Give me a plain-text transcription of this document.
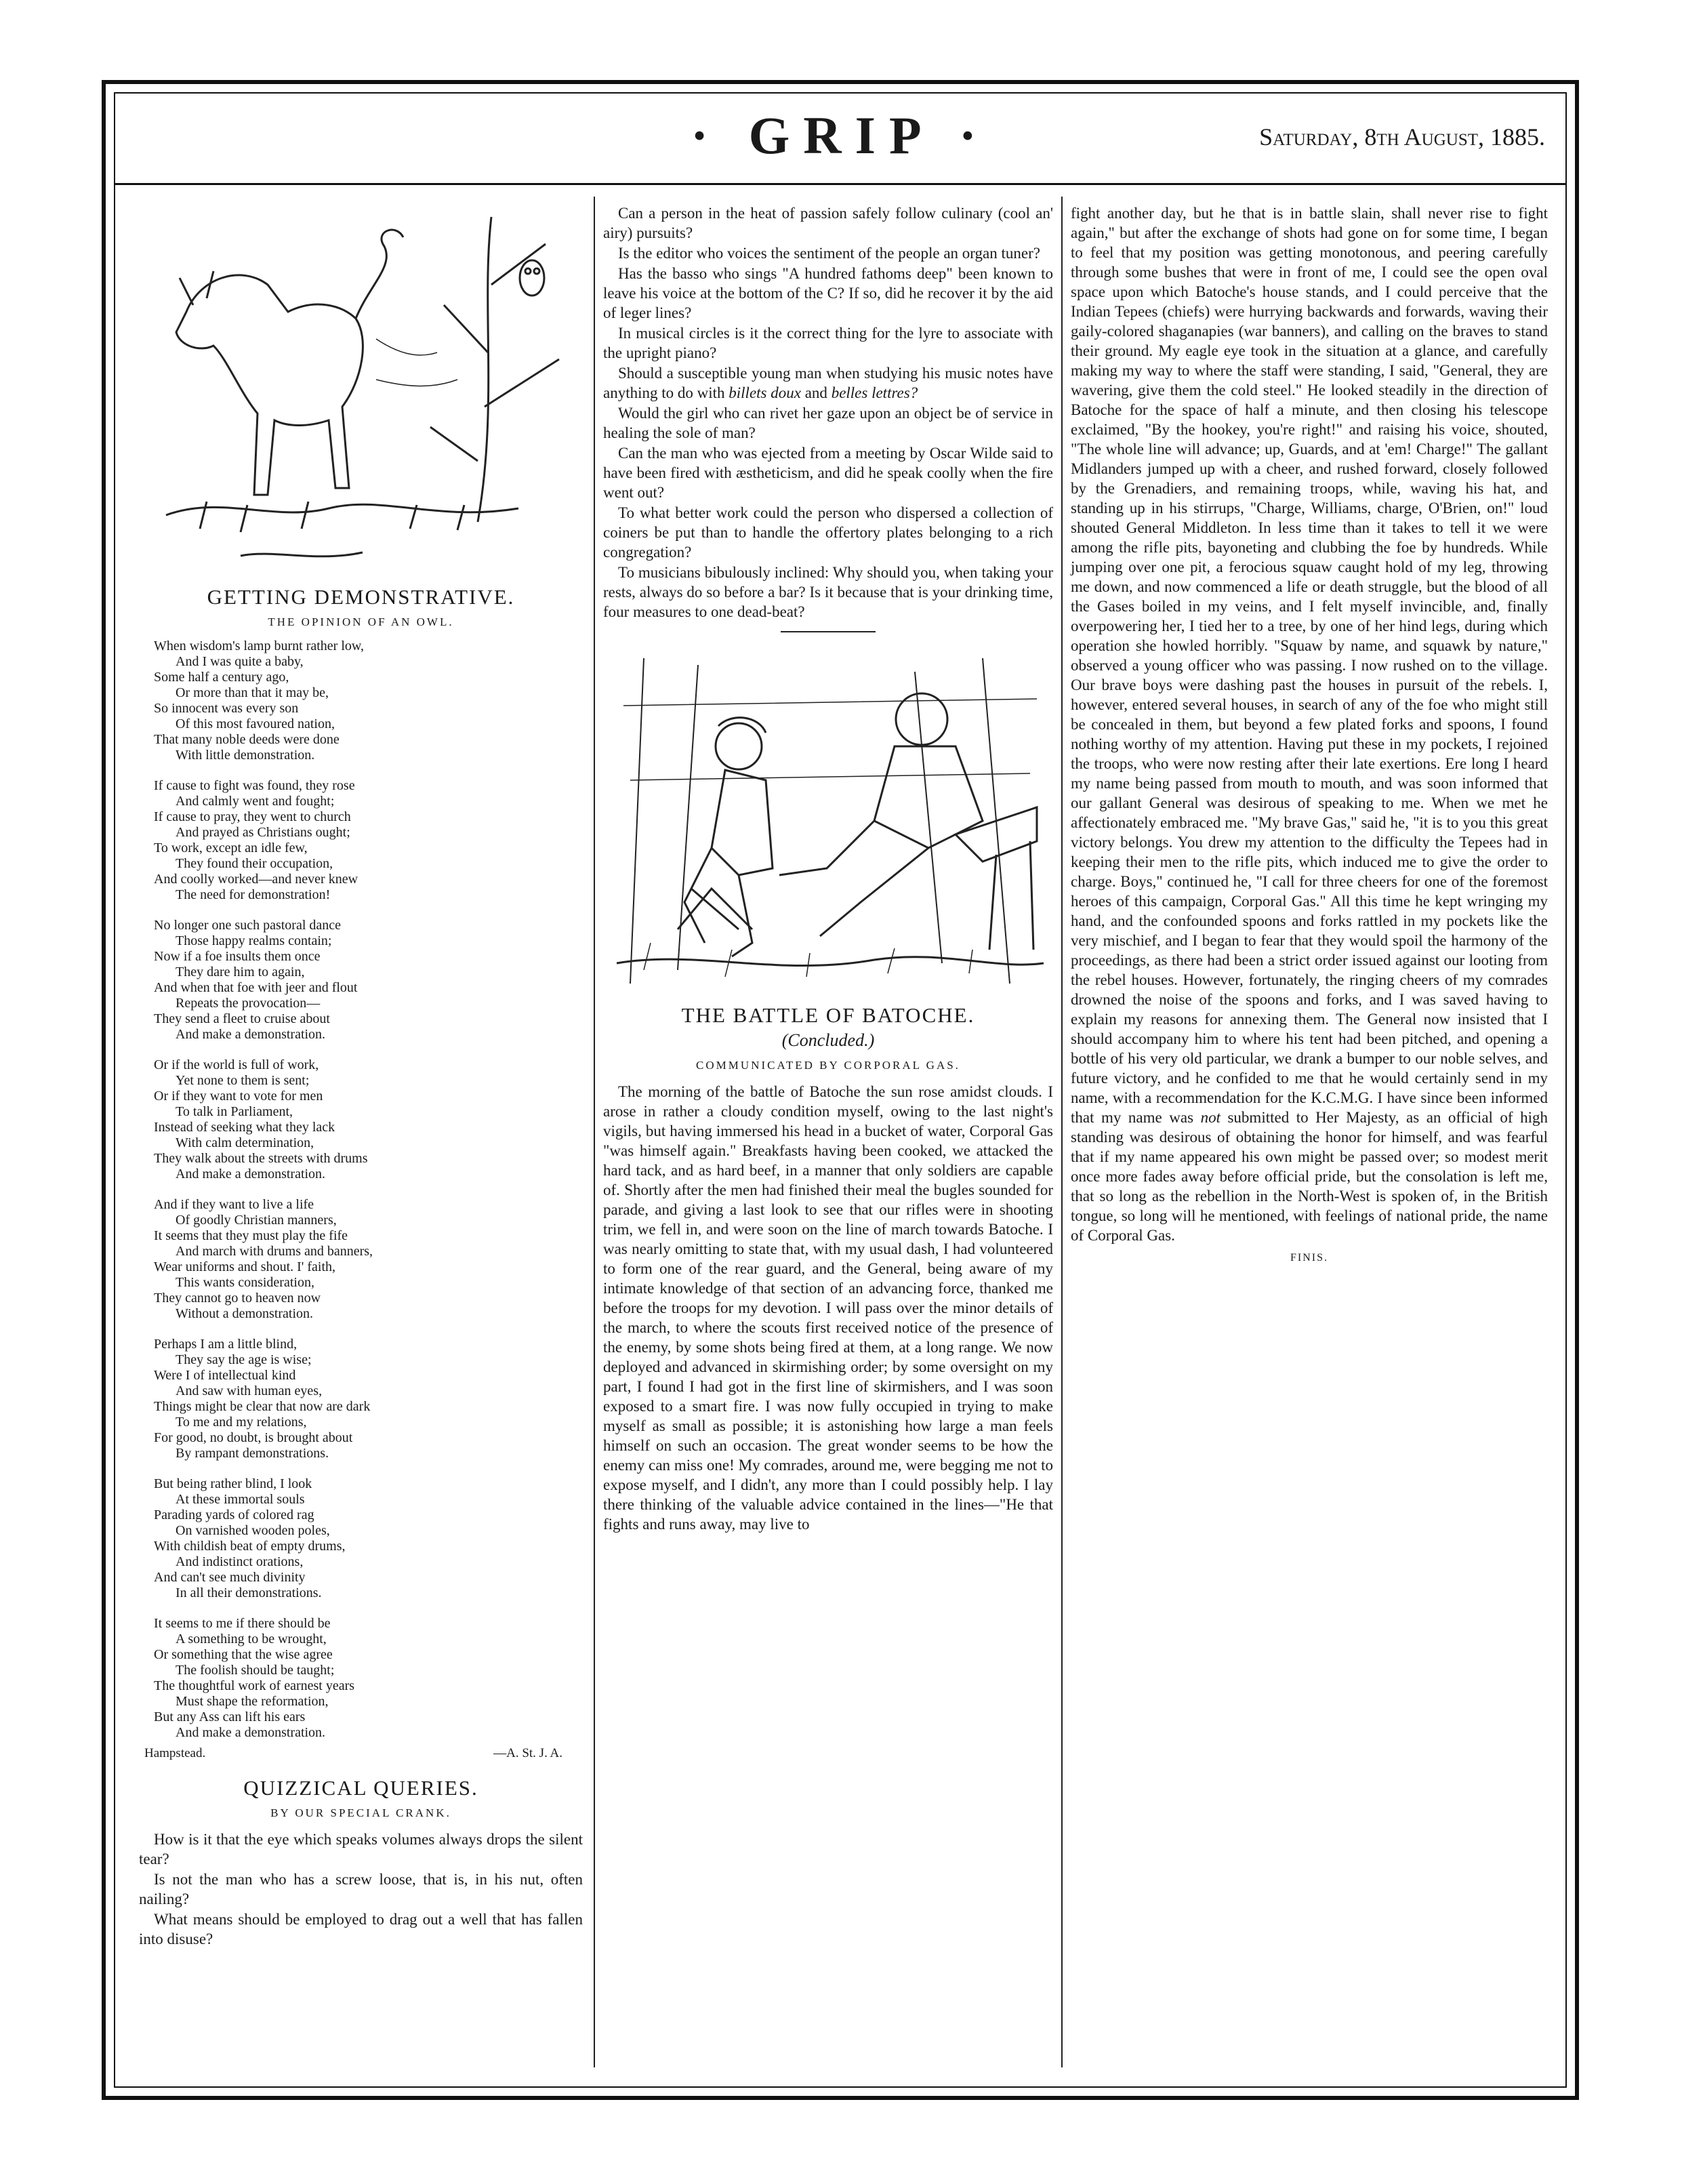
· GRIP ·	Saturday, 8th August, 1885.
GETTING DEMONSTRATIVE.
THE OPINION OF AN OWL.
When wisdom's lamp burnt rather low,
And I was quite a baby,
Some half a century ago,
Or more than that it may be,
So innocent was every son
Of this most favoured nation,
That many noble deeds were done
With little demonstration.
If cause to fight was found, they rose
And calmly went and fought;
If cause to pray, they went to church
And prayed as Christians ought;
To work, except an idle few,
They found their occupation,
And coolly worked—and never knew
The need for demonstration!
No longer one such pastoral dance
Those happy realms contain;
Now if a foe insults them once
They dare him to again,
And when that foe with jeer and flout
Repeats the provocation—
They send a fleet to cruise about
And make a demonstration.
Or if the world is full of work,
Yet none to them is sent;
Or if they want to vote for men
To talk in Parliament,
Instead of seeking what they lack
With calm determination,
They walk about the streets with drums
And make a demonstration.
And if they want to live a life
Of goodly Christian manners,
It seems that they must play the fife
And march with drums and banners,
Wear uniforms and shout. I' faith,
This wants consideration,
They cannot go to heaven now
Without a demonstration.
Perhaps I am a little blind,
They say the age is wise;
Were I of intellectual kind
And saw with human eyes,
Things might be clear that now are dark
To me and my relations,
For good, no doubt, is brought about
By rampant demonstrations.
But being rather blind, I look
At these immortal souls
Parading yards of colored rag
On varnished wooden poles,
With childish beat of empty drums,
And indistinct orations,
And can't see much divinity
In all their demonstrations.
It seems to me if there should be
A something to be wrought,
Or something that the wise agree
The foolish should be taught;
The thoughtful work of earnest years
Must shape the reformation,
But any Ass can lift his ears
And make a demonstration.
Hampstead.	—A. St. J. A.
QUIZZICAL QUERIES.
BY OUR SPECIAL CRANK.

How is it that the eye which speaks volumes always drops the silent tear?

Is not the man who has a screw loose, that is, in his nut, often nailing?

What means should be employed to drag out a well that has fallen into disuse?

Can a person in the heat of passion safely follow culinary (cool an' airy) pursuits?

Is the editor who voices the sentiment of the people an organ tuner?

Has the basso who sings "A hundred fathoms deep" been known to leave his voice at the bottom of the C? If so, did he recover it by the aid of leger lines?

In musical circles is it the correct thing for the lyre to associate with the upright piano?

Should a susceptible young man when studying his music notes have anything to do with billets doux and belles lettres?

Would the girl who can rivet her gaze upon an object be of service in healing the sole of man?

Can the man who was ejected from a meeting by Oscar Wilde said to have been fired with æstheticism, and did he speak coolly when the fire went out?

To what better work could the person who dispersed a collection of coiners be put than to handle the offertory plates belonging to a rich congregation?

To musicians bibulously inclined: Why should you, when taking your rests, always do so before a bar? Is it because that is your drinking time, four measures to one dead-beat?

THE BATTLE OF BATOCHE.
(Concluded.)
COMMUNICATED BY CORPORAL GAS.

The morning of the battle of Batoche the sun rose amidst clouds. I arose in rather a cloudy condition myself, owing to the last night's vigils, but having immersed his head in a bucket of water, Corporal Gas "was himself again." Breakfasts having been cooked, we attacked the hard tack, and as hard beef, in a manner that only soldiers are capable of. Shortly after the men had finished their meal the bugles sounded for parade, and giving a last look to see that our rifles were in shooting trim, we fell in, and were soon on the line of march towards Batoche. I was nearly omitting to state that, with my usual dash, I had volunteered to form one of the rear guard, and the General, being aware of my intimate knowledge of that section of an advancing force, thanked me before the troops for my devotion. I will pass over the minor details of the march, to where the scouts first received notice of the presence of the enemy, by some shots being fired at them, at a long range. We now deployed and advanced in skirmishing order; by some oversight on my part, I found I had got in the first line of skirmishers, and I was soon exposed to a smart fire. I was now fully occupied in trying to make myself as small as possible; it is astonishing how large a man feels himself on such an occasion. The great wonder seems to be how the enemy can miss one! My comrades, around me, were begging me not to expose myself, and I didn't, any more than I could possibly help. I lay there thinking of the valuable advice contained in the lines—"He that fights and runs away, may live to

fight another day, but he that is in battle slain, shall never rise to fight again," but after the exchange of shots had gone on for some time, I began to feel that my position was getting monotonous, and peering carefully through some bushes that were in front of me, I could see the open oval space upon which Batoche's house stands, and I could perceive that the Indian Tepees (chiefs) were hurrying backwards and forwards, waving their gaily-colored shaganapies (war banners), and calling on the braves to stand their ground. My eagle eye took in the situation at a glance, and carefully making my way to where the staff were standing, I said, "General, they are wavering, give them the cold steel." He looked steadily in the direction of Batoche for the space of half a minute, and then closing his telescope exclaimed, "By the hookey, you're right!" and raising his voice, shouted, "The whole line will advance; up, Guards, and at 'em! Charge!" The gallant Midlanders jumped up with a cheer, and rushed forward, closely followed by the Grenadiers, and remaining troops, while, waving his hat, and standing up in his stirrups, "Charge, Williams, charge, O'Brien, on!" loud shouted General Middleton. In less time than it takes to tell it we were among the rifle pits, bayoneting and clubbing the foe by hundreds. While jumping over one pit, a ferocious squaw caught hold of my leg, throwing me down, and now commenced a life or death struggle, but the blood of all the Gases boiled in my veins, and I felt myself invincible, and, finally overpowering her, I tied her to a tree, by one of her hind legs, during which operation she howled horribly. "Squaw by name, and squawk by nature," observed a young officer who was passing. I now rushed on to the village. Our brave boys were dashing past the houses in pursuit of the rebels. I, however, entered several houses, in search of any of the foe who might still be concealed in them, but beyond a few plated forks and spoons, I found nothing worthy of my attention. Having put these in my pockets, I rejoined the troops, who were now resting after their late exertions. Ere long I heard my name being passed from mouth to mouth, and was soon informed that our gallant General was desirous of speaking to me. When we met he affectionately embraced me. "My brave Gas," said he, "it is to you this great victory belongs. You drew my attention to the difficulty the Tepees had in keeping their men to the rifle pits, which induced me to give the order to charge. Boys," continued he, "I call for three cheers for one of the foremost heroes of this campaign, Corporal Gas." All this time he kept wringing my hand, and the confounded spoons and forks rattled in my pockets like the very mischief, and I began to fear that they would spoil the harmony of the proceedings, as there had been a strict order issued against our looting from the rebel houses. However, fortunately, the ringing cheers of my comrades drowned the noise of the spoons and forks, and I was saved having to explain my reasons for annexing them. The General now insisted that I should accompany him to where his tent had been pitched, and opening a bottle of his very old particular, we drank a bumper to our noble selves, and future victory, and he confided to me that he would certainly send in my name, with a recommendation for the K.C.M.G. I have since been informed that my name was not submitted to Her Majesty, as an official of high standing was desirous of obtaining the honor for himself, and was fearful that if my name appeared his own might be passed over; so modest merit once more fades away before official pride, but the consolation is left me, that so long as the rebellion in the North-West is spoken of, in the British tongue, so long will he mentioned, with feelings of national pride, the name of Corporal Gas.

FINIS.
